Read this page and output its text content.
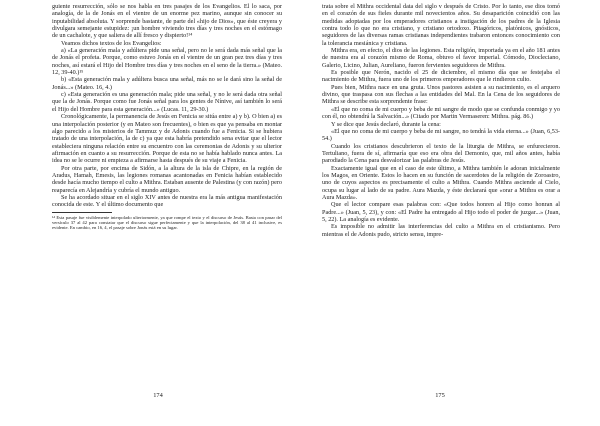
guiente resurrección, sólo se nos habla en tres pasajes de los Evangelios. El lo saca, por analogía, de la de Jonás en el vientre de un enorme pez marino, aunque sin conocer su inputabilidad absoluta. Y sorprende bastante, de parte del «hijo de Dios», que éste creyera y divulgara semejante estupidez: ¡un hombre viviendo tres días y tres noches en el estómago de un cachalote, y que saliera de allí fresco y dispierto!¹⁴

Veamos dichos textos de los Evangelios:

a) «La generación mala y adúltera pide una señal, pero no le será dada más señal que la de Jonás el profeta. Porque, como estuvo Jonás en el vientre de un gran pez tres días y tres noches, así estará el Hijo del Hombre tres días y tres noches en el seno de la tierra.» (Mateo. 12, 39-40.)¹⁵

b) «Esta generación mala y adúltera busca una señal, más no se le dará sino la señal de Jonás...» (Mateo. 16, 4.)

c) «Esta generación es una generación mala; pide una señal, y no le será dada otra señal que la de Jonás. Porque como fue Jonás señal para los gentes de Nínive, así también lo será el Hijo del Hombre para esta generación...» (Lucas. 11, 29-30.)

Cronológicamente, la permanencia de Jesús en Fenicia se sitúa entre a) y b). O bien a) es una interpolación posterior (y en Mateo son frecuentes), o bien es que ya pensaba en montar algo parecido a los misterios de Tammuz y de Adonis cuando fue a Fenicia. Si se hubiera tratado de una interpolación, la de c) ya que esta habría pretendido sena evitar que el lector estableciera ninguna relación entre su encuentro con las ceremonias de Adonis y su ulterior afirmación en cuanto a su resurrección. Porque de esta no se había hablado nunca antes. La idea no se le ocurre ni empieza a afirmarse hasta después de su viaje a Fenicia.

Por otra parte, por encima de Sidón, a la altura de la isla de Chipre, en la región de Aradus, Hamah, Emesis, las legiones romanas acantonadas en Fenicia habían establecido desde hacía mucho tiempo el culto a Mithra. Estaban ausente de Palestina (y con razón) pero reaparecía en Alejandría y cubría el mundo antiguo.

Se ha acordado situar en el siglo XIV antes de nuestra era la más antigua manifestación conocida de este. Y el último documento que

¹⁴ Esta pasaje fue visiblemente interpolado ulteriormente, ya que rompe el texto y el discurso de Jesús. Basta con pasar del versículo 37 al 42 para constatar que el discurso sigue perfectamente y que la interpolación, del 38 al 41 inclusive, es evidente. En cambio, en 16, 4, el pasaje sobre Jonás está en su lugar.

trata sobre el Mithra occidental data del siglo v después de Cristo. Por lo tanto, ese dios tomó en el corazón de sus fieles durante mil novecientos años. Su desaparición coincidió con las medidas adoptadas por los emperadores cristianos a instigación de los padres de la Iglesia contra todo lo que no era cristiano, y cristiano ortodoxo. Pitagóricos, platónicos, gnósticos, seguidores de las diversas ramas cristianas independientes trabaron entonces conocimiento con la tolerancia mesiánica y cristiana.

Mithra era, en efecto, el dios de las legiones. Esta religión, importada ya en el año 181 antes de nuestra era al corazón mismo de Roma, obtuvo el favor imperial. Cómodo, Diocleciano, Galerio, Licino, Julian, Aureliano, fueron fervientes seguidores de Mithra.

Es posible que Nerón, nacido el 25 de diciembre, el mismo día que se festejaba el nacimiento de Mithra, fuera uno de los primeros emperadores que le rindieron culto.

Pues bien, Mithra nace en una gruta. Unos pastores asisten a su nacimiento, es el arquero divino, que traspasa con sus flechas a las entidades del Mal. En la Cena de los seguidores de Mithra se describe esta sorprendente frase:

«El que no coma de mi cuerpo y beba de mi sangre de modo que se confunda conmigo y yo con él, no obtendrá la Salvación...» (Citado por Martin Vermaseren: Mithra. pág. 86.)

Y se dice que Jesús declaró, durante la cena:

«El que no coma de mi cuerpo y beba de mi sangre, no tendrá la vida eterna...» (Juan, 6,53-54.)

Cuando los cristianos descubrieron el texto de la liturgia de Mithra, se enfurecieron. Tertuliano, fuera de sí, afirmaría que eso era obra del Demonio, que, mil años antes, había parodiado la Cena para desvalorizar las palabras de Jesús.

Exactamente igual que en el caso de este último, a Mithra también le adoran inicialmente los Magos, en Oriente. Estos lo hacen en su función de sacerdotes de la religión de Zoroastro, uno de cuyos aspectos es precisamente el culto a Mithra. Cuando Mithra asciende al Cielo, ocupa su lugar al lado de su padre. Aura Mazda, y éste declarará que «orar a Mithra es orar a Aura Mazda».

Que el lector compare esas palabras con: «Que todos honren al Hijo como honran al Padre...» (Juan, 5, 23), y con: «El Padre ha entregado al Hijo todo el poder de juzgar...» (Juan, 5, 22). La analogía es evidente.

Es imposible no admitir las interferencias del culto a Mithra en el cristianismo. Pero mientras el de Adonis pudo, stricto sensu, impre-

174	175
